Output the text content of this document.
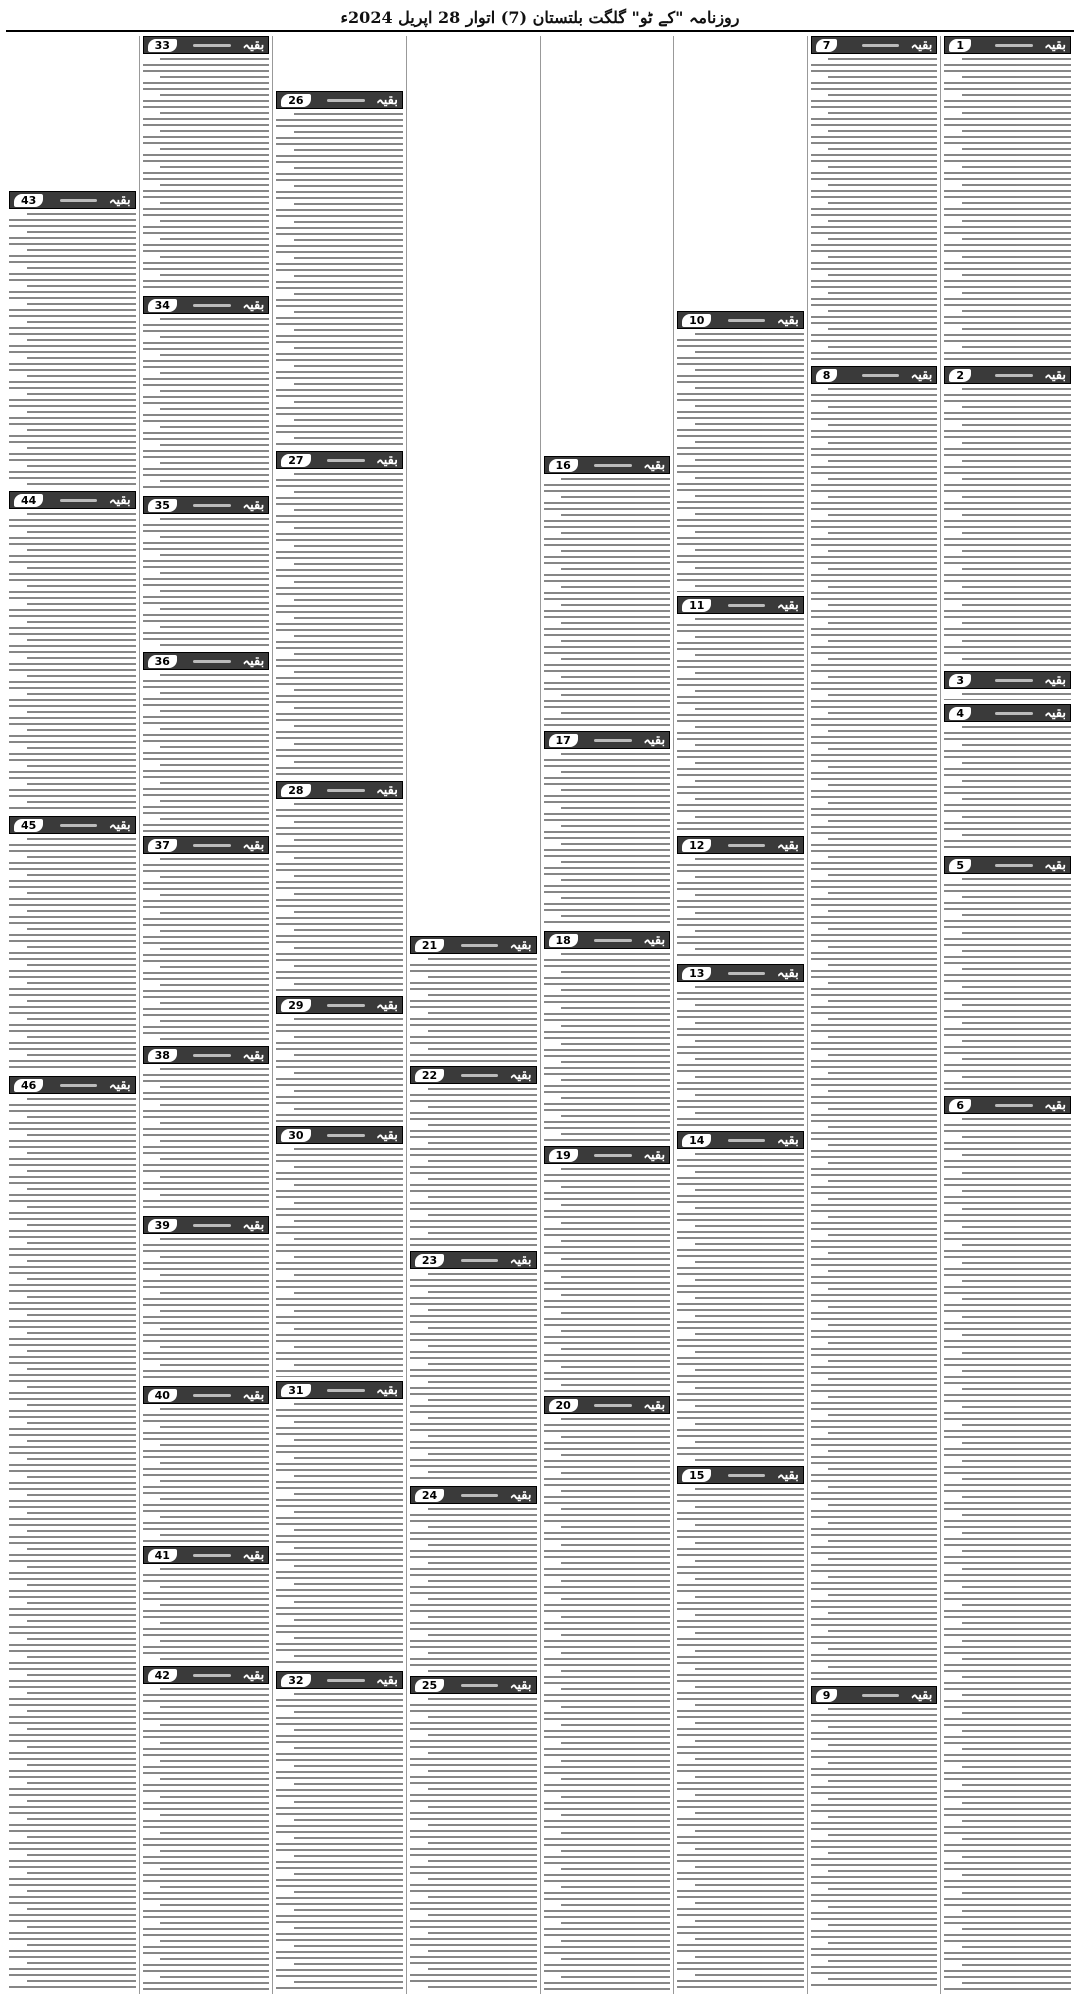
روزنامہ "کے ٹو" گلگت بلتستان (7) اتوار 28 اپریل 2024ء
1	بقیہ
2	بقیہ
3	بقیہ
4	بقیہ
5	بقیہ
6	بقیہ
7	بقیہ
8	بقیہ
9	بقیہ
10	بقیہ
11	بقیہ
12	بقیہ
13	بقیہ
14	بقیہ
15	بقیہ
16	بقیہ
17	بقیہ
18	بقیہ
19	بقیہ
20	بقیہ
21	بقیہ
22	بقیہ
23	بقیہ
24	بقیہ
25	بقیہ
26	بقیہ
27	بقیہ
28	بقیہ
29	بقیہ
30	بقیہ
31	بقیہ
32	بقیہ
33	بقیہ
34	بقیہ
35	بقیہ
36	بقیہ
37	بقیہ
38	بقیہ
39	بقیہ
40	بقیہ
41	بقیہ
42	بقیہ
43	بقیہ
44	بقیہ
45	بقیہ
46	بقیہ
